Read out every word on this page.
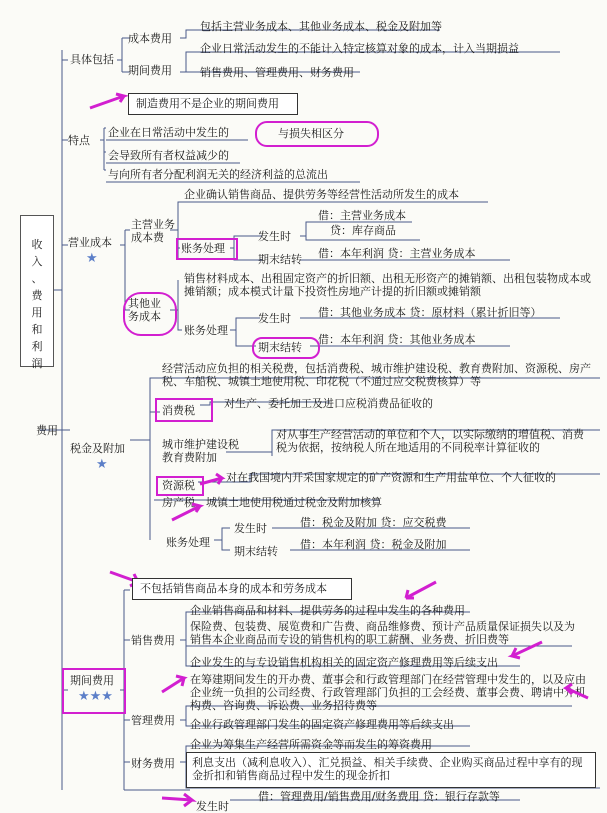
收
入
、
费
用
和
利
润
费用
具体包括
成本费用
包括主营业务成本、其他业务成本、税金及附加等
期间费用
企业日常活动发生的不能计入特定核算对象的成本，计入当期损益
销售费用、管理费用、财务费用
制造费用不是企业的期间费用
特点
企业在日常活动中发生的	与损失相区分
会导致所有者权益减少的
与向所有者分配利润无关的经济利益的总流出
营业成本
★
主营业务
成本费
企业确认销售商品、提供劳务等经营性活动所发生的成本
账务处理
发生时
借：主营业务成本
贷：库存商品
期末结转 借：本年利润 贷：主营业务成本
销售材料成本、出租固定资产的折旧额、出租无形资产的摊销额、出租包装物成本或摊销额；成本模式计量下投资性房地产计提的折旧额或摊销额
其他业
务成本
账务处理
发生时 借：其他业务成本 贷：原材料（累计折旧等）
期末结转
借：本年利润 贷：其他业务成本
税金及附加
★
经营活动应负担的相关税费，包括消费税、城市维护建设税、教育费附加、资源税、房产税、车船税、城镇土地使用税、印花税（不通过应交税费核算）等
消费税
对生产、委托加工及进口应税消费品征收的
城市维护建设税
教育费附加
对从事生产经营活动的单位和个人，以实际缴纳的增值税、消费税为依据，按纳税人所在地适用的不同税率计算征收的
资源税
对在我国境内开采国家规定的矿产资源和生产用盐单位、个人征收的
房产税、城镇土地使用税通过税金及附加核算
账务处理
发生时	借：税金及附加 贷：应交税费
期末结转
借：本年利润 贷：税金及附加
不包括销售商品本身的成本和劳务成本
期间费用
★★★
销售费用
企业销售商品和材料、提供劳务的过程中发生的各种费用
保险费、包装费、展览费和广告费、商品维修费、预计产品质量保证损失以及为销售本企业商品而专设的销售机构的职工薪酬、业务费、折旧费等
企业发生的与专设销售机构相关的固定资产修理费用等后续支出
管理费用
在筹建期间发生的开办费、董事会和行政管理部门在经营管理中发生的，以及应由企业统一负担的公司经费、行政管理部门负担的工会经费、董事会费、聘请中介机构费、咨询费、诉讼费、业务招待费等
企业行政管理部门发生的固定资产修理费用等后续支出
财务费用
企业为筹集生产经营所需资金等而发生的筹资费用
利息支出（减利息收入）、汇兑损益、相关手续费、企业购买商品过程中享有的现金折扣和销售商品过程中发生的现金折扣
发生时
借：管理费用/销售费用/财务费用 贷：银行存款等
